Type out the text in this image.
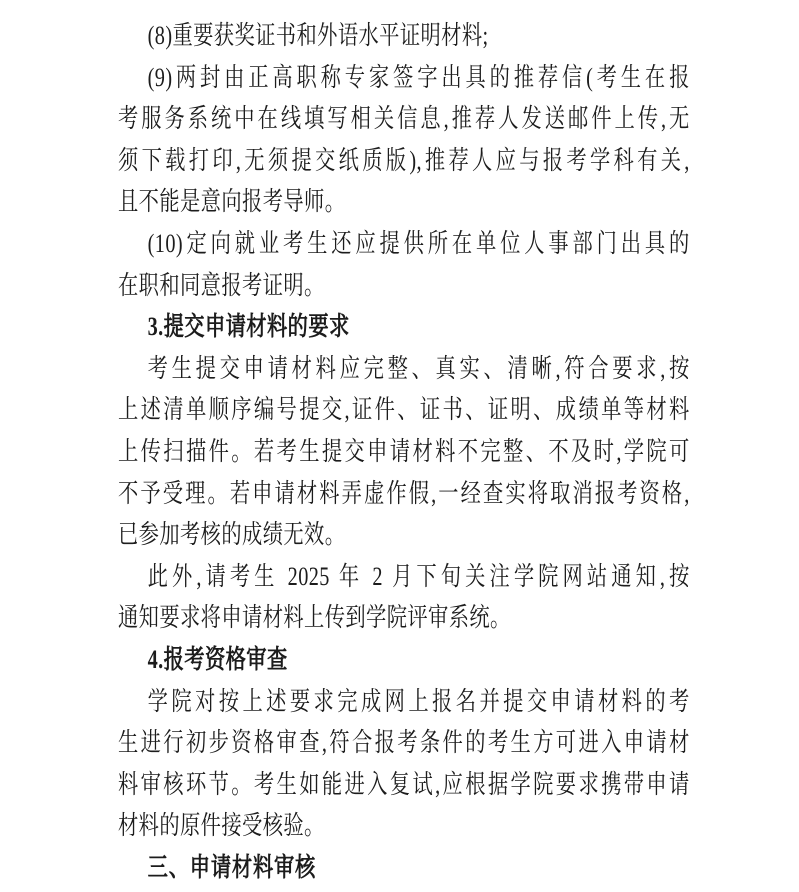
(8)重要获奖证书和外语水平证明材料;
(9)两封由正高职称专家签字出具的推荐信(考生在报
考服务系统中在线填写相关信息,推荐人发送邮件上传,无
须下载打印,无须提交纸质版),推荐人应与报考学科有关,
且不能是意向报考导师。
(10)定向就业考生还应提供所在单位人事部门出具的
在职和同意报考证明。
3.提交申请材料的要求
考生提交申请材料应完整、真实、清晰,符合要求,按
上述清单顺序编号提交,证件、证书、证明、成绩单等材料
上传扫描件。若考生提交申请材料不完整、不及时,学院可
不予受理。若申请材料弄虚作假,一经查实将取消报考资格,
已参加考核的成绩无效。
此外,请考生 2025 年 2 月下旬关注学院网站通知,按
通知要求将申请材料上传到学院评审系统。
4.报考资格审查
学院对按上述要求完成网上报名并提交申请材料的考
生进行初步资格审查,符合报考条件的考生方可进入申请材
料审核环节。考生如能进入复试,应根据学院要求携带申请
材料的原件接受核验。
三、申请材料审核
